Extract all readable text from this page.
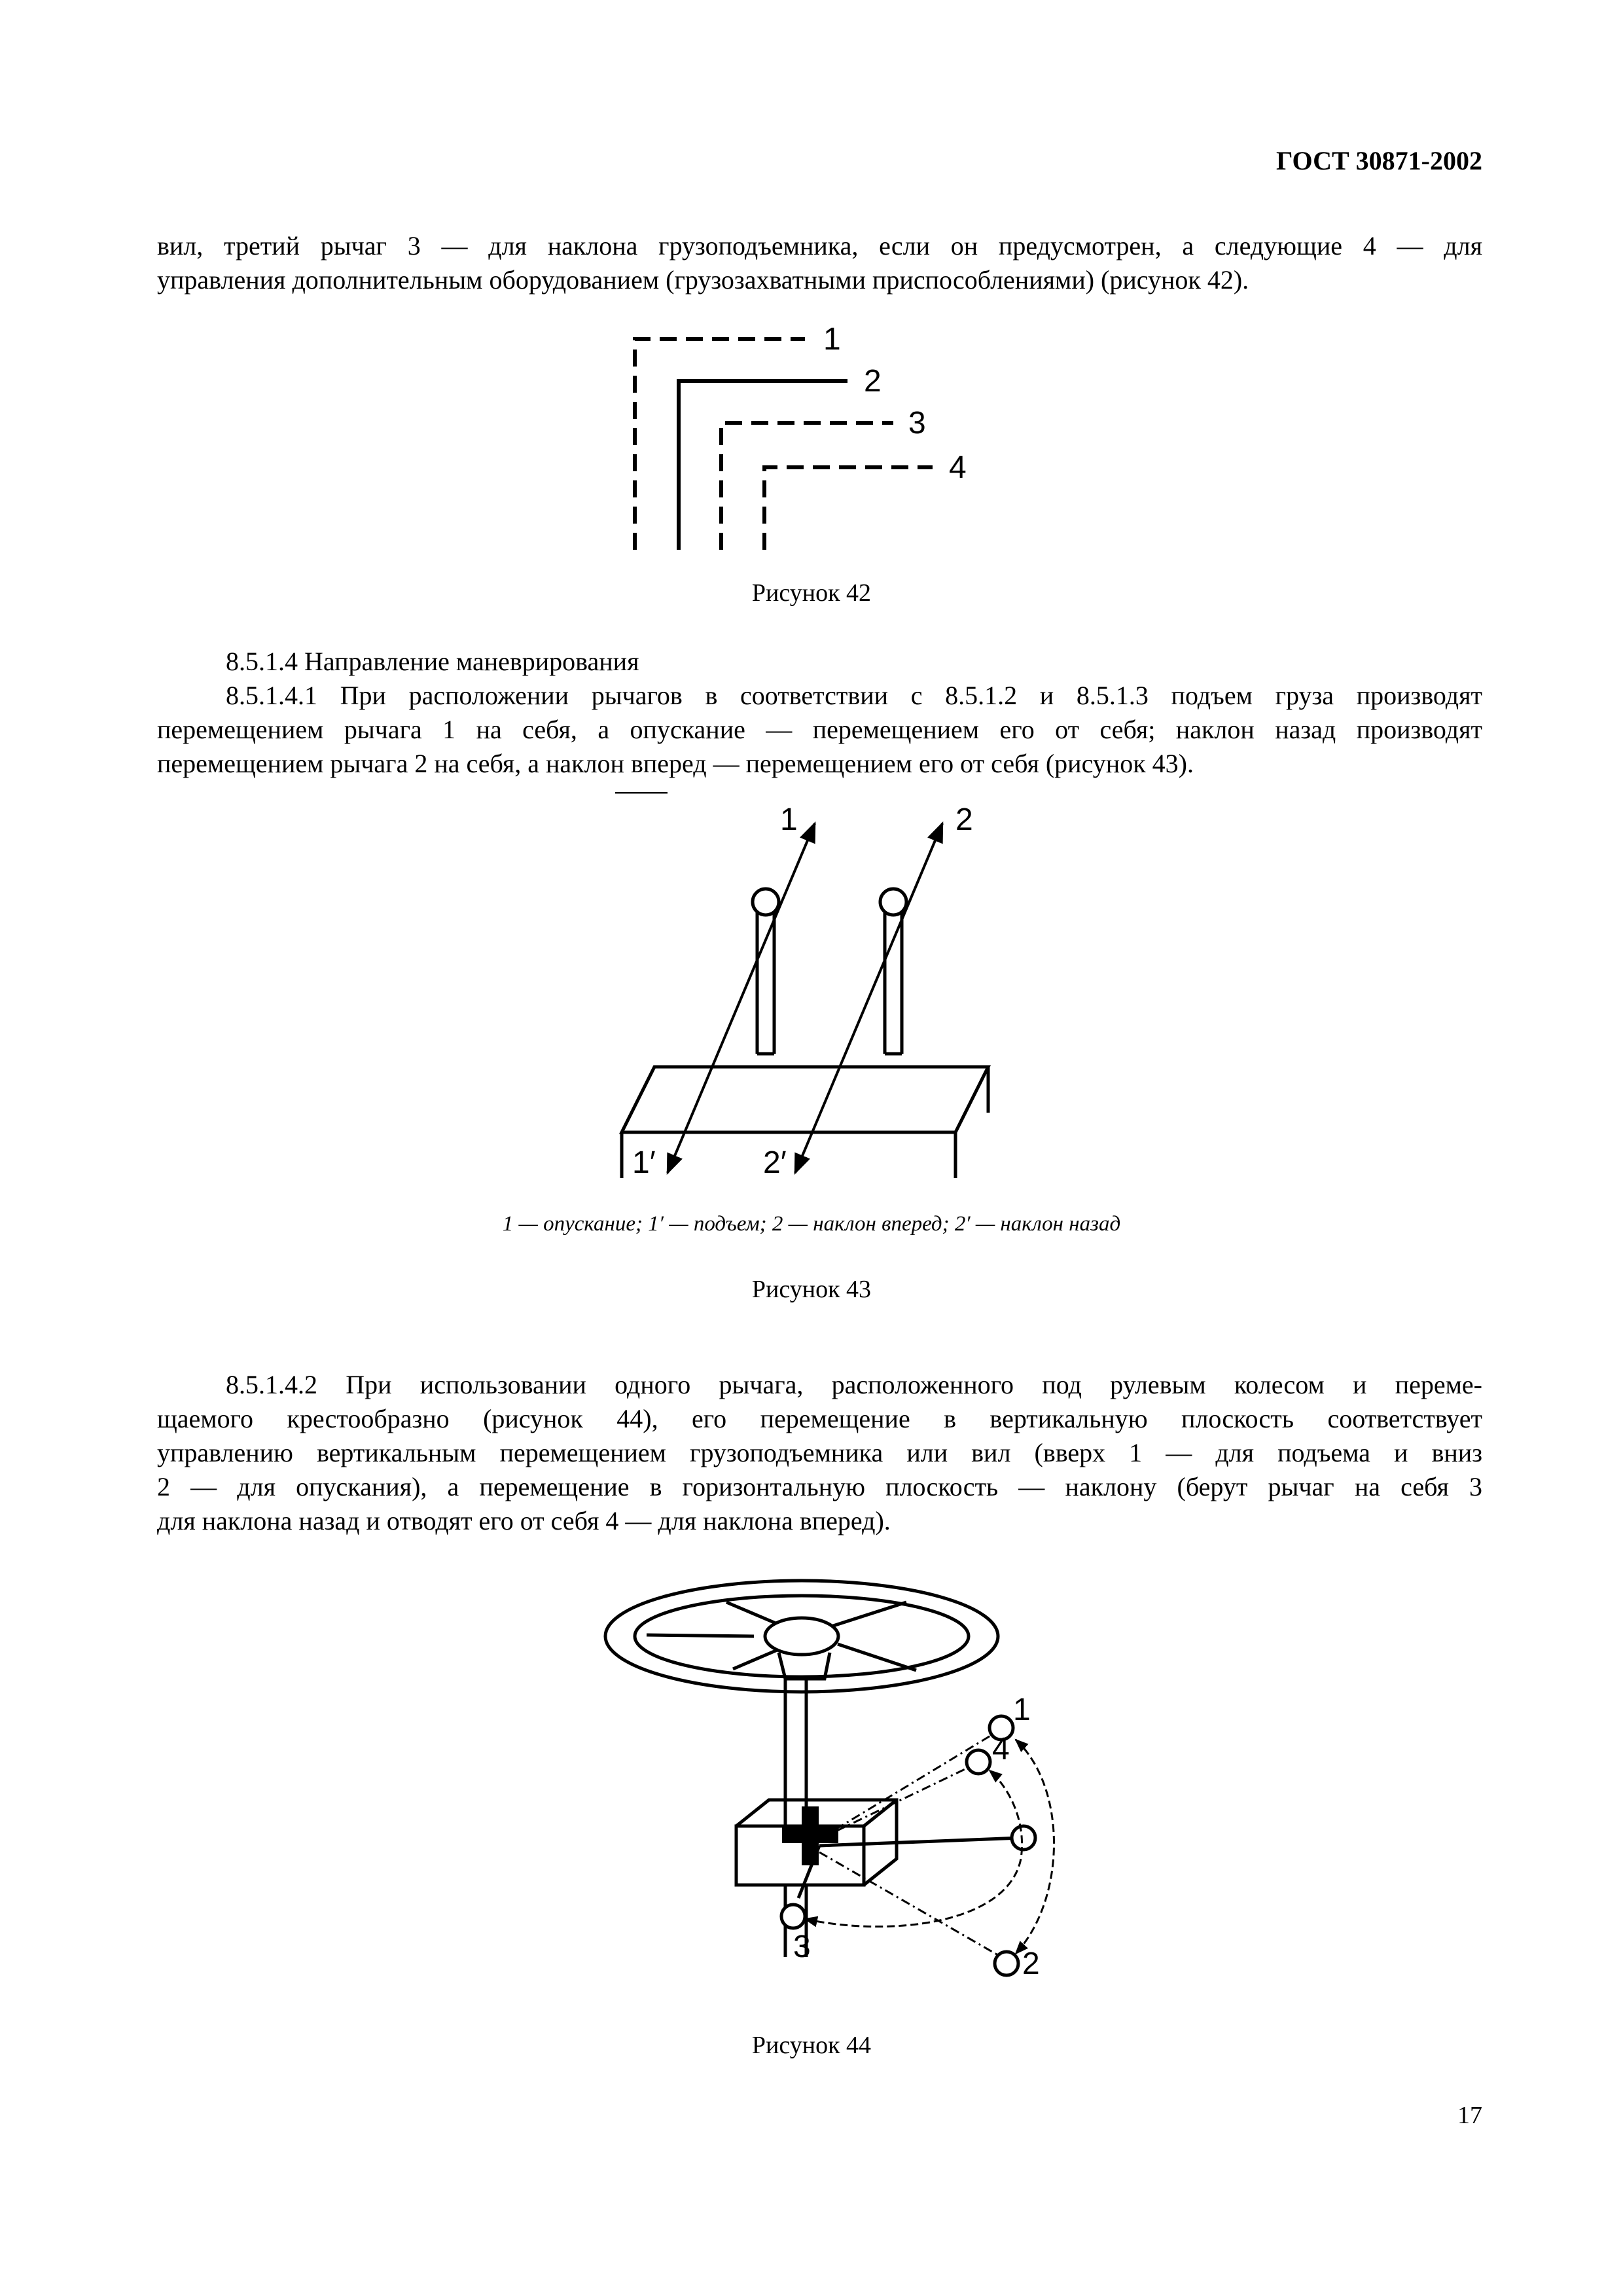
ГОСТ 30871-2002
вил, третий рычаг 3 — для наклона грузоподъемника, если он предусмотрен, а следующие 4 — для
управления дополнительным оборудованием (грузозахватными приспособлениями) (рисунок 42).
1
2
3
4
Рисунок 42
8.5.1.4 Направление маневрирования
8.5.1.4.1 При расположении рычагов в соответствии с 8.5.1.2 и 8.5.1.3 подъем груза производят
перемещением рычага 1 на себя, а опускание — перемещением его от себя; наклон назад производят
перемещением рычага 2 на себя, а наклон вперед — перемещением его от себя (рисунок 43).
1	2
1′	2′
1 — опускание; 1′ — подъем; 2 — наклон вперед; 2′ — наклон назад
Рисунок 43
8.5.1.4.2 При использовании одного рычага, расположенного под рулевым колесом и переме-
щаемого крестообразно (рисунок 44), его перемещение в вертикальную плоскость соответствует
управлению вертикальным перемещением грузоподъемника или вил (вверх 1 — для подъема и вниз
2 — для опускания), а перемещение в горизонтальную плоскость — наклону (берут рычаг на себя 3
для наклона назад и отводят его от себя 4 — для наклона вперед).
1
4
3	2
Рисунок 44
17
